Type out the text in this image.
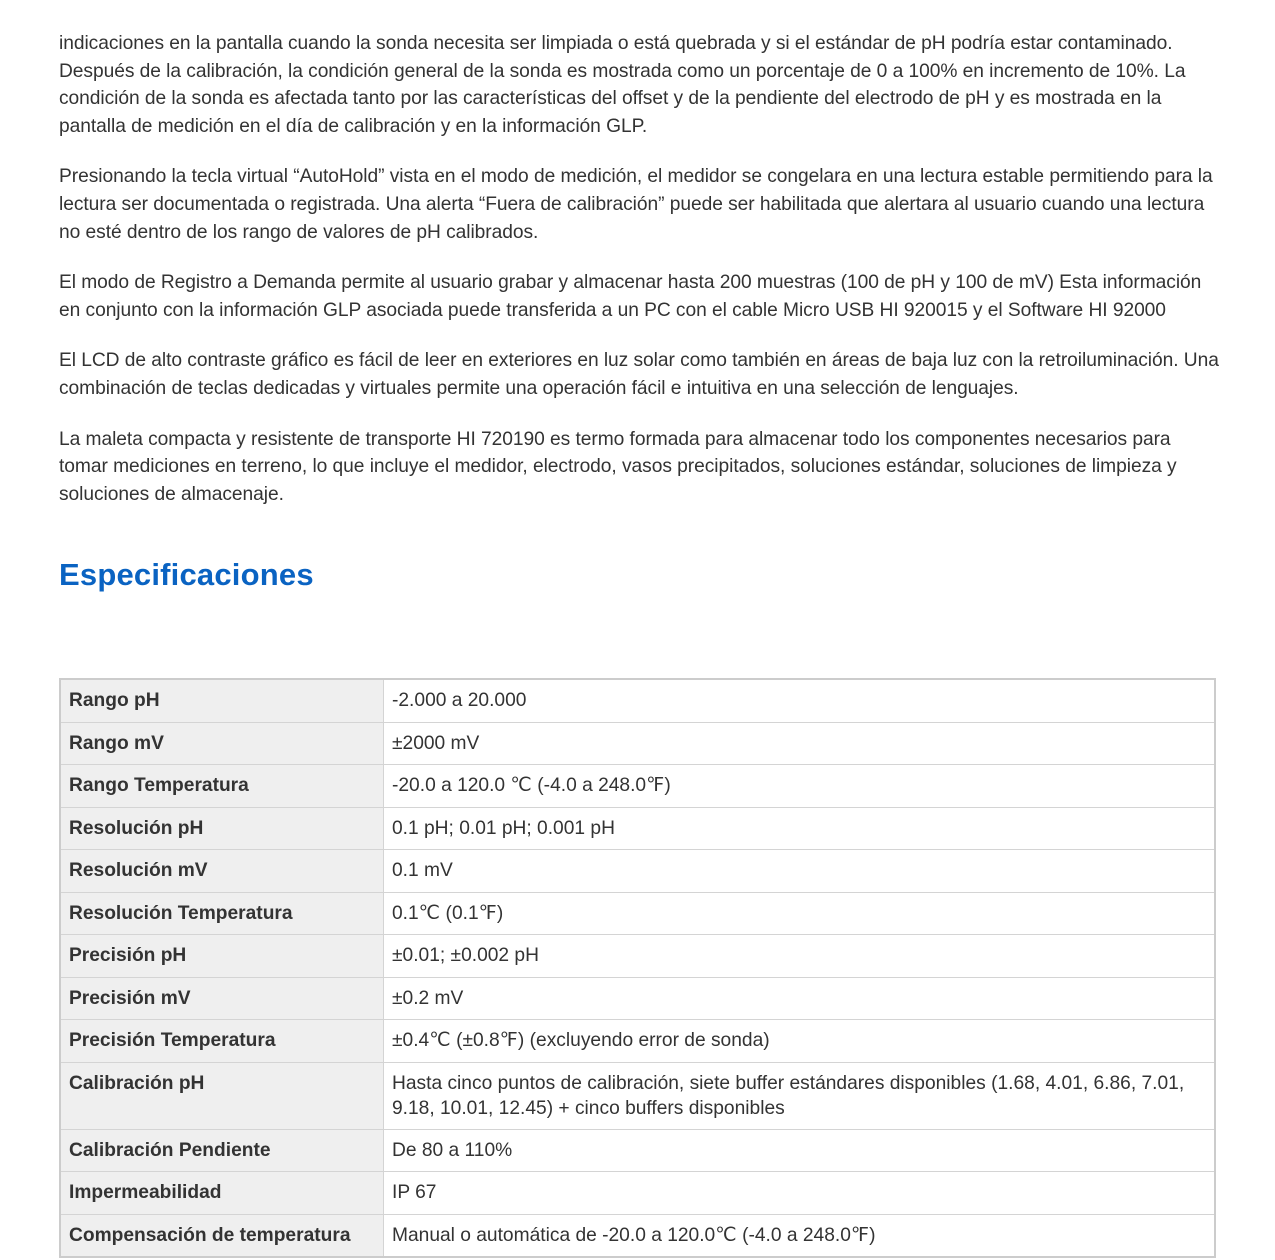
indicaciones en la pantalla cuando la sonda necesita ser limpiada o está quebrada y si el estándar de pH podría estar contaminado. Después de la calibración, la condición general de la sonda es mostrada como un porcentaje de 0 a 100% en incremento de 10%. La condición de la sonda es afectada tanto por las características del offset y de la pendiente del electrodo de pH y es mostrada en la pantalla de medición en el día de calibración y en la información GLP.

Presionando la tecla virtual “AutoHold” vista en el modo de medición, el medidor se congelara en una lectura estable permitiendo para la lectura ser documentada o registrada. Una alerta “Fuera de calibración” puede ser habilitada que alertara al usuario cuando una lectura no esté dentro de los rango de valores de pH calibrados.

El modo de Registro a Demanda permite al usuario grabar y almacenar hasta 200 muestras (100 de pH y 100 de mV) Esta información en conjunto con la información GLP asociada puede transferida a un PC con el cable Micro USB HI 920015 y el Software HI 92000

El LCD de alto contraste gráfico es fácil de leer en exteriores en luz solar como también en áreas de baja luz con la retroiluminación. Una combinación de teclas dedicadas y virtuales permite una operación fácil e intuitiva en una selección de lenguajes.

La maleta compacta y resistente de transporte HI 720190 es termo formada para almacenar todo los componentes necesarios para tomar mediciones en terreno, lo que incluye el medidor, electrodo, vasos precipitados, soluciones estándar, soluciones de limpieza y soluciones de almacenaje.

Especificaciones
Rango pH	-2.000 a 20.000
Rango mV	±2000 mV
Rango Temperatura	-20.0 a 120.0 ℃ (-4.0 a 248.0℉)
Resolución pH	0.1 pH; 0.01 pH; 0.001 pH
Resolución mV	0.1 mV
Resolución Temperatura	0.1℃ (0.1℉)
Precisión pH	±0.01; ±0.002 pH
Precisión mV	±0.2 mV
Precisión Temperatura	±0.4℃ (±0.8℉) (excluyendo error de sonda)
Calibración pH	Hasta cinco puntos de calibración, siete buffer estándares disponibles (1.68, 4.01, 6.86, 7.01, 9.18, 10.01, 12.45) + cinco buffers disponibles
Calibración Pendiente	De 80 a 110%
Impermeabilidad	IP 67
Compensación de temperatura	Manual o automática de -20.0 a 120.0℃ (-4.0 a 248.0℉)
